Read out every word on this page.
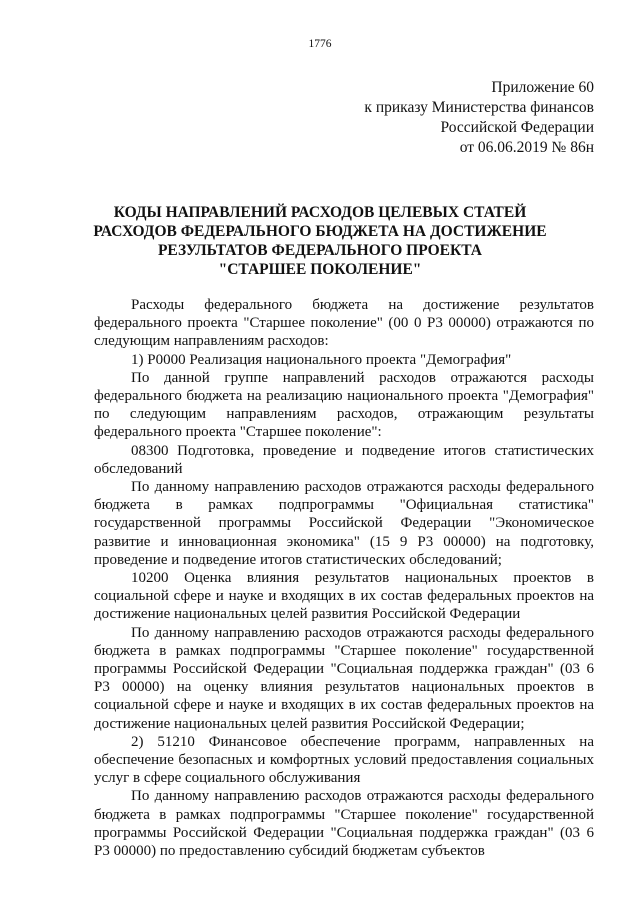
1776
Приложение 60
к приказу Министерства финансов
Российской Федерации
от 06.06.2019 № 86н
КОДЫ НАПРАВЛЕНИЙ РАСХОДОВ ЦЕЛЕВЫХ СТАТЕЙ
РАСХОДОВ ФЕДЕРАЛЬНОГО БЮДЖЕТА НА ДОСТИЖЕНИЕ
РЕЗУЛЬТАТОВ ФЕДЕРАЛЬНОГО ПРОЕКТА
"СТАРШЕЕ ПОКОЛЕНИЕ"

Расходы федерального бюджета на достижение результатов федерального проекта "Старшее поколение" (00 0 Р3 00000) отражаются по следующим направлениям расходов:

1) Р0000 Реализация национального проекта "Демография"

По данной группе направлений расходов отражаются расходы федерального бюджета на реализацию национального проекта "Демография" по следующим направлениям расходов, отражающим результаты федерального проекта "Старшее поколение":

08300 Подготовка, проведение и подведение итогов статистических обследований

По данному направлению расходов отражаются расходы федерального бюджета в рамках подпрограммы "Официальная статистика" государственной программы Российской Федерации "Экономическое развитие и инновационная экономика" (15 9 Р3 00000) на подготовку, проведение и подведение итогов статистических обследований;

10200 Оценка влияния результатов национальных проектов в социальной сфере и науке и входящих в их состав федеральных проектов на достижение национальных целей развития Российской Федерации

По данному направлению расходов отражаются расходы федерального бюджета в рамках подпрограммы "Старшее поколение" государственной программы Российской Федерации "Социальная поддержка граждан" (03 6 Р3 00000) на оценку влияния результатов национальных проектов в социальной сфере и науке и входящих в их состав федеральных проектов на достижение национальных целей развития Российской Федерации;

2) 51210 Финансовое обеспечение программ, направленных на обеспечение безопасных и комфортных условий предоставления социальных услуг в сфере социального обслуживания

По данному направлению расходов отражаются расходы федерального бюджета в рамках подпрограммы "Старшее поколение" государственной программы Российской Федерации "Социальная поддержка граждан" (03 6 Р3 00000) по предоставлению субсидий бюджетам субъектов
